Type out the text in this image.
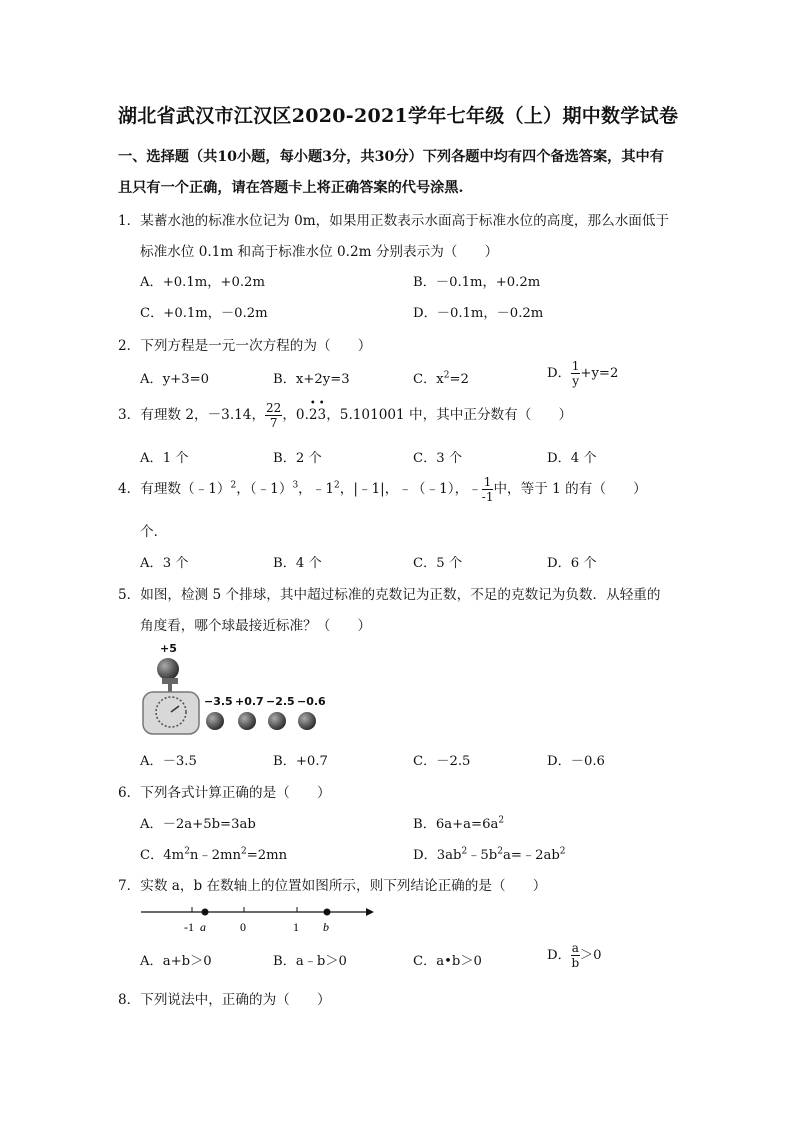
湖北省武汉市江汉区2020-2021学年七年级（上）期中数学试卷
一、选择题（共10小题，每小题3分，共30分）下列各题中均有四个备选答案，其中有
且只有一个正确，请在答题卡上将正确答案的代号涂黑.
1．某蓄水池的标准水位记为 0m，如果用正数表示水面高于标准水位的高度，那么水面低于
标准水位 0.1m 和高于标准水位 0.2m 分别表示为（　　）
A．+0.1m，+0.2m	B．－0.1m，+0.2m
C．+0.1m，－0.2m	D．－0.1m，－0.2m
2．下列方程是一元一次方程的为（　　）
A．y+3=0	B．x+2y=3	C．$x^2=2$	D． $\frac{1}{y} +y=2$
3．有理数 2，－3.14， $\frac{22}{7}$ ，0.23
••
，5.101001 中，其中正分数有（　　）
A．1 个	B．2 个	C．3 个	D．4 个
4．有理数（﹣1）$^2$，（﹣1）$^3$，$﹣1^2$，|﹣1|，﹣（﹣1），﹣ $\frac{1}{-1}$ 中，等于 1 的有（　　）
个．
A．3 个	B．4 个	C．5 个	D．6 个
5．如图，检测 5 个排球，其中超过标准的克数记为正数，不足的克数记为负数．从轻重的
角度看，哪个球最接近标准？（　　）
+5
−3.5 +0.7 −2.5 −0.6
A．－3.5	B．+0.7	C．－2.5	D．－0.6
6．下列各式计算正确的是（　　）
A．－2a+5b=3ab	B．$6a+a=6a^2$
C．$4m^2n﹣2mn^2=2mn$	D．$3ab^2﹣5b^2a=﹣2ab^2$
7．实数 a，b 在数轴上的位置如图所示，则下列结论正确的是（　　）
-1 a	0	1 b
A．a+b＞0	B．a﹣b＞0	C．a•b＞0	D． $\frac{a}{b} >0$
8．下列说法中，正确的为（　　）
